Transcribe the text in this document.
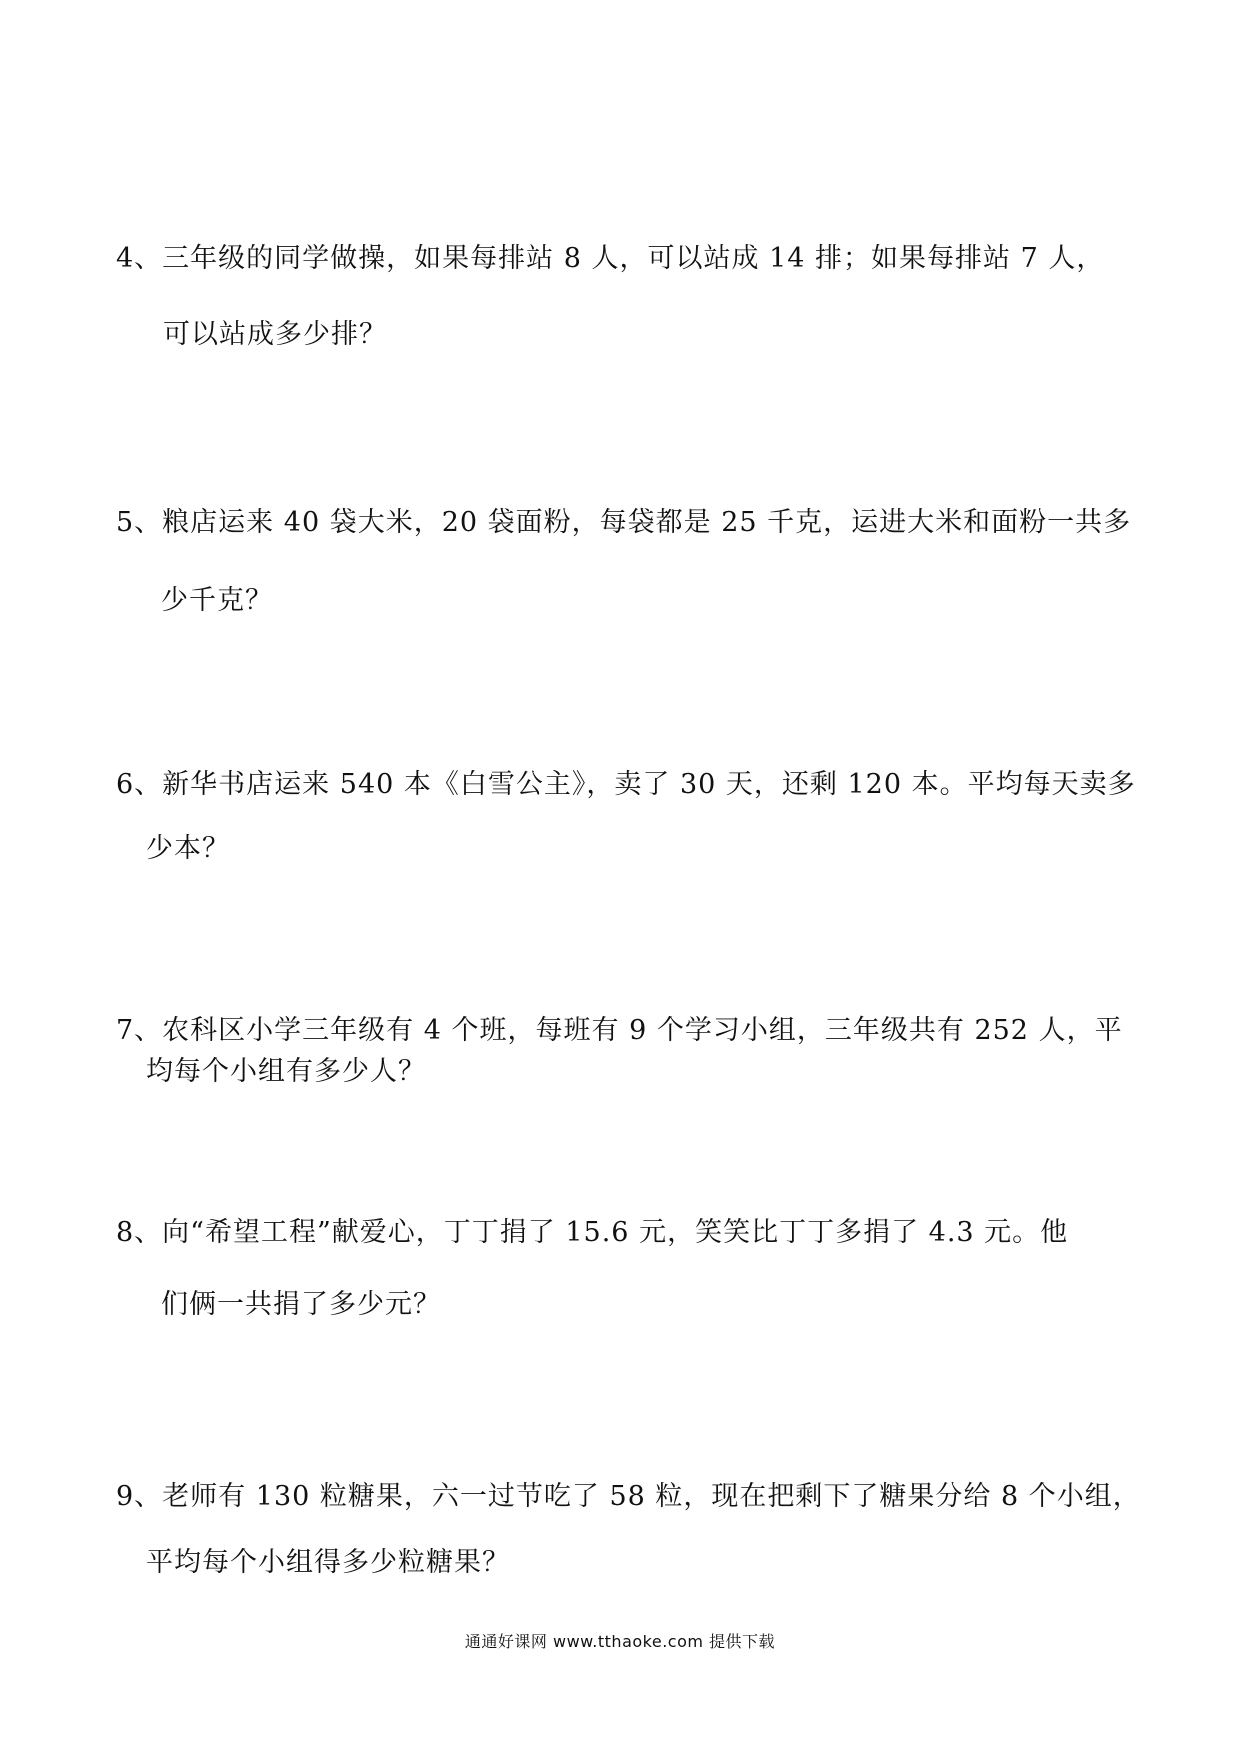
4、三年级的同学做操，如果每排站 8 人，可以站成 14 排；如果每排站 7 人，
可以站成多少排？
5、粮店运来 40 袋大米，20 袋面粉，每袋都是 25 千克，运进大米和面粉一共多
少千克？
6、新华书店运来 540 本《白雪公主》，卖了 30 天，还剩 120 本。平均每天卖多
少本？
7、农科区小学三年级有 4 个班，每班有 9 个学习小组，三年级共有 252 人，平
均每个小组有多少人？
8、向“希望工程”献爱心，丁丁捐了 15.6 元，笑笑比丁丁多捐了 4.3 元。他
们俩一共捐了多少元？
9、老师有 130 粒糖果，六一过节吃了 58 粒，现在把剩下了糖果分给 8 个小组，
平均每个小组得多少粒糖果？
通通好课网 www.tthaoke.com 提供下载
